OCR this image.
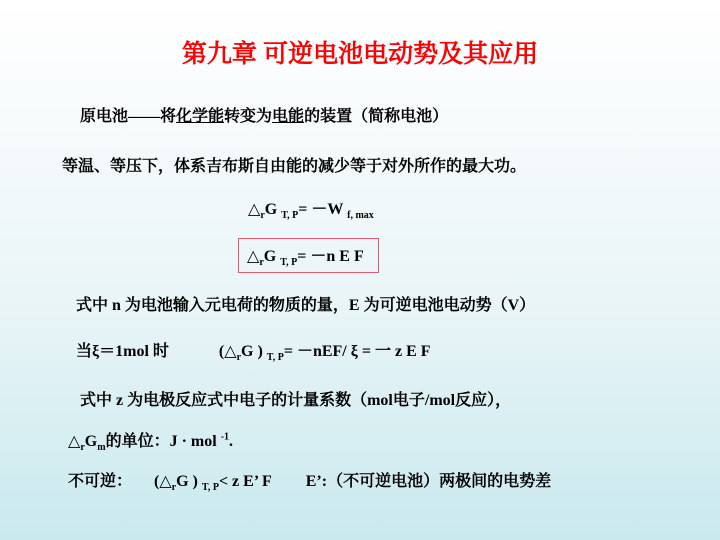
第九章 可逆电池电动势及其应用
原电池——将化学能转变为电能的装置（简称电池）
等温、等压下，体系吉布斯自由能的减少等于对外所作的最大功。
$\triangle_rG$ $_{T, P}$= －W $_{f, max}$
$\triangle_rG$ $_{T, P}$= －n E F
式中 n 为电池输入元电荷的物质的量，E 为可逆电池电动势（V）
当ξ＝1mol 时	($\triangle_rG$ ) $_{T, P}$= －nEF/ ξ = 一 z E F
式中 z 为电极反应式中电子的计量系数（mol电子/mol反应），
$\triangle_rG_m$的单位：J · mol $^{-1}$.
不可逆： ($\triangle_rG$ ) $_{T, P}$< z E’ F E’:（不可逆电池）两极间的电势差
